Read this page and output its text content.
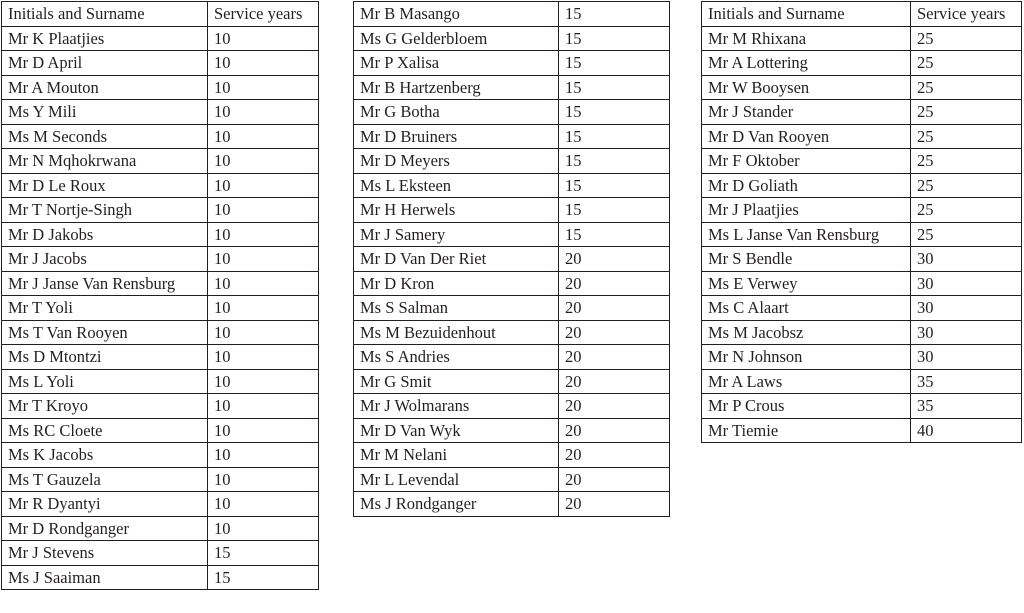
Initials and Surname	Service years
Mr K Plaatjies	10
Mr D April	10
Mr A Mouton	10
Ms Y Mili	10
Ms M Seconds	10
Mr N Mqhokrwana	10
Mr D Le Roux	10
Mr T Nortje-Singh	10
Mr D Jakobs	10
Mr J Jacobs	10
Mr J Janse Van Rensburg	10
Mr T Yoli	10
Ms T Van Rooyen	10
Ms D Mtontzi	10
Ms L Yoli	10
Mr T Kroyo	10
Ms RC Cloete	10
Ms K Jacobs	10
Ms T Gauzela	10
Mr R Dyantyi	10
Mr D Rondganger	10
Mr J Stevens	15
Ms J Saaiman	15
Mr B Masango	15
Ms G Gelderbloem	15
Mr P Xalisa	15
Mr B Hartzenberg	15
Mr G Botha	15
Mr D Bruiners	15
Mr D Meyers	15
Ms L Eksteen	15
Mr H Herwels	15
Mr J Samery	15
Mr D Van Der Riet	20
Mr D Kron	20
Ms S Salman	20
Ms M Bezuidenhout	20
Ms S Andries	20
Mr G Smit	20
Mr J Wolmarans	20
Mr D Van Wyk	20
Mr M Nelani	20
Mr L Levendal	20
Ms J Rondganger	20
Initials and Surname	Service years
Mr M Rhixana	25
Mr A Lottering	25
Mr W Booysen	25
Mr J Stander	25
Mr D Van Rooyen	25
Mr F Oktober	25
Mr D Goliath	25
Mr J Plaatjies	25
Ms L Janse Van Rensburg	25
Mr S Bendle	30
Ms E Verwey	30
Ms C Alaart	30
Ms M Jacobsz	30
Mr N Johnson	30
Mr A Laws	35
Mr P Crous	35
Mr Tiemie	40
